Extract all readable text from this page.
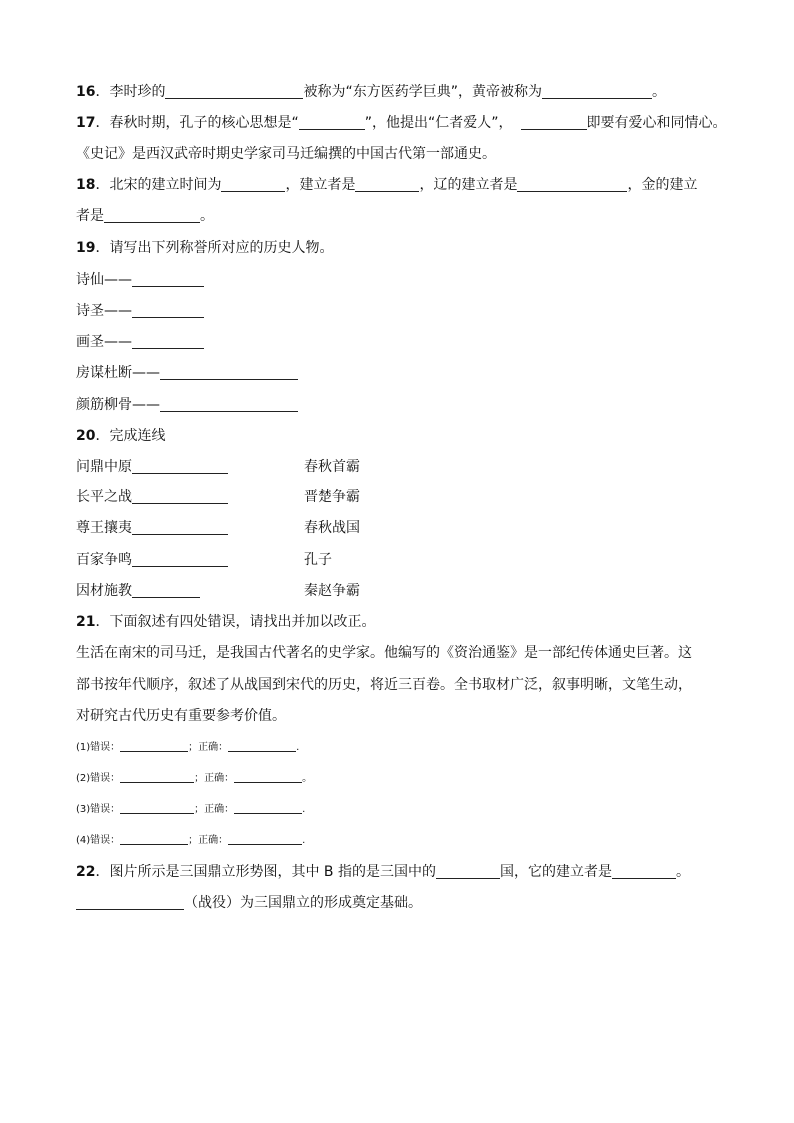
16．李时珍的	被称为“东方医药学巨典”，黄帝被称为	。
17．春秋时期，孔子的核心思想是“	”，他提出“仁者爱人”，	即要有爱心和同情心。
《史记》是西汉武帝时期史学家司马迁编撰的中国古代第一部通史。
18．北宋的建立时间为	，建立者是	，辽的建立者是	，金的建立
者是	。
19．请写出下列称誉所对应的历史人物。
诗仙——
诗圣——
画圣——
房谋杜断——
颜筋柳骨——
20．完成连线
问鼎中原	春秋首霸
长平之战	晋楚争霸
尊王攘夷	春秋战国
百家争鸣	孔子
因材施教	秦赵争霸
21．下面叙述有四处错误，请找出并加以改正。
生活在南宋的司马迁，是我国古代著名的史学家。他编写的《资治通鉴》是一部纪传体通史巨著。这
部书按年代顺序，叙述了从战国到宋代的历史，将近三百卷。全书取材广泛，叙事明晰，文笔生动，
对研究古代历史有重要参考价值。
(1)错误：	；正确：	.
(2)错误：	；正确：	。
(3)错误：	；正确：	.
(4)错误：	；正确：	.
22．图片所示是三国鼎立形势图，其中 B 指的是三国中的	国，它的建立者是	。
（战役）为三国鼎立的形成奠定基础。
